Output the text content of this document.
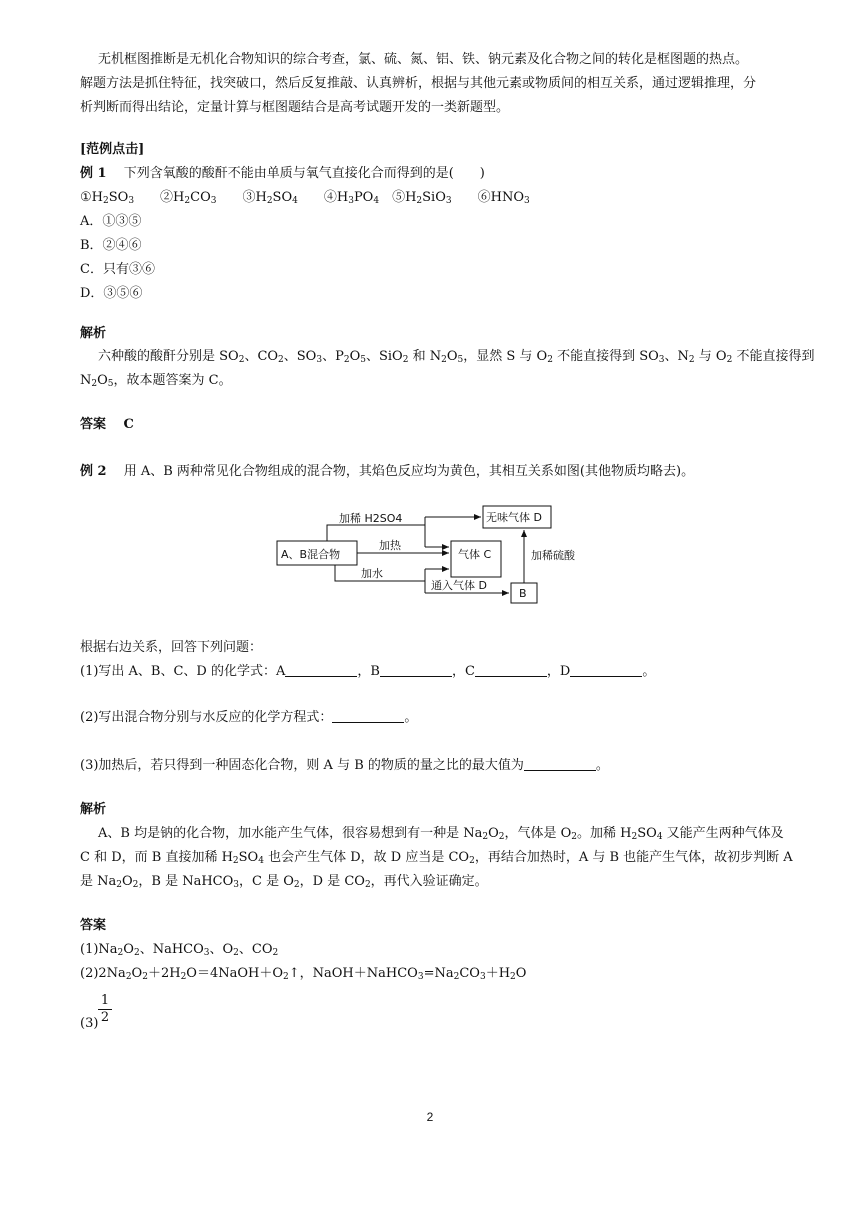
无机框图推断是无机化合物知识的综合考查，氯、硫、氮、铝、铁、钠元素及化合物之间的转化是框图题的热点。
解题方法是抓住特征，找突破口，然后反复推敲、认真辨析，根据与其他元素或物质间的相互关系，通过逻辑推理，分
析判断而得出结论，定量计算与框图题结合是高考试题开发的一类新题型。
[范例点击]
例 1　 下列含氧酸的酸酐不能由单质与氧气直接化合而得到的是(　　)
$①H_2SO_3$　　$②H_2CO_3$　　$③H_2SO_4$　　$④H_3PO_4$　$⑤H_2SiO_3$　　$⑥HNO_3$
A．①③⑤
B．②④⑥
C．只有③⑥
D．③⑤⑥
解析
六种酸的酸酐分别是 $SO_2$、$CO_2$、$SO_3$、$P_2O_5$、SiO$_2$ 和 $N_2O_5$，显然 S 与 $O_2$ 不能直接得到 $SO_3$、$N_2$ 与 $O_2$ 不能直接得到
$N_2O_5$，故本题答案为 C。
答案　 C
例 2　 用 A、B 两种常见化合物组成的混合物，其焰色反应均为黄色，其相互关系如图(其他物质均略去)。
A、B混合物	气体 C
无味气体 D
B
加稀 H2SO4
加热
加水
通入气体 D
加稀硫酸
根据右边关系，回答下列问题：
(1)写出 A、B、C、D 的化学式：A	，B	，C	，D	。
(2)写出混合物分别与水反应的化学方程式：	。
(3)加热后，若只得到一种固态化合物，则 A 与 B 的物质的量之比的最大值为	。
解析
A、B 均是钠的化合物，加水能产生气体，很容易想到有一种是 $Na_2O_2$，气体是 $O_2$。加稀 $H_2SO_4$ 又能产生两种气体及
C 和 D，而 B 直接加稀 $H_2SO_4$ 也会产生气体 D，故 D 应当是 $CO_2$，再结合加热时，A 与 B 也能产生气体，故初步判断 A
是 $Na_2O_2$，B 是 NaHCO$_3$，C 是 $O_2$，D 是 $CO_2$，再代入验证确定。
答案
$(1)Na_2O_2$、NaHCO$_3$、$O_2$、$CO_2$
$(2)2Na_2O_2+2H_2O=4NaOH+O_2↑$，$NaOH+NaHCO_3=Na_2CO_3+H_2O$
$\frac{1}{2}$
(3)
2
